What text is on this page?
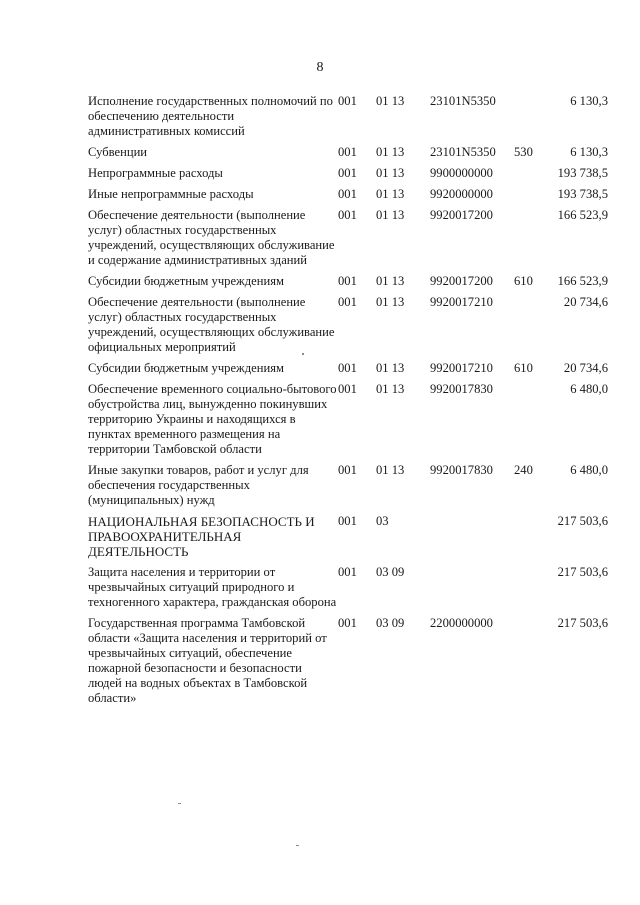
8
Исполнение государственных полномочий по обеспечению деятельности административных комиссий	001	01 13	23101N5350		6 130,3
Субвенции	001	01 13	23101N5350	530	6 130,3
Непрограммные расходы	001	01 13	9900000000		193 738,5
Иные непрограммные расходы	001	01 13	9920000000		193 738,5
Обеспечение деятельности (выполнение услуг) областных государственных учреждений, осуществляющих обслуживание и содержание административных зданий	001	01 13	9920017200		166 523,9
Субсидии бюджетным учреждениям	001	01 13	9920017200	610	166 523,9
Обеспечение деятельности (выполнение услуг) областных государственных учреждений, осуществляющих обслуживание официальных мероприятий	001	01 13	9920017210		20 734,6
Субсидии бюджетным учреждениям	001	01 13	9920017210	610	20 734,6
Обеспечение временного социально-бытового обустройства лиц, вынужденно покинувших территорию Украины и находящихся в пунктах временного размещения на территории Тамбовской области	001	01 13	9920017830		6 480,0
Иные закупки товаров, работ и услуг для обеспечения государственных (муниципальных) нужд	001	01 13	9920017830	240	6 480,0
НАЦИОНАЛЬНАЯ БЕЗОПАСНОСТЬ И ПРАВООХРАНИТЕЛЬНАЯ ДЕЯТЕЛЬНОСТЬ	001	03			217 503,6
Защита населения и территории от чрезвычайных ситуаций природного и техногенного характера, гражданская оборона	001	03 09			217 503,6
Государственная программа Тамбовской области «Защита населения и территорий от чрезвычайных ситуаций, обеспечение пожарной безопасности и безопасности людей на водных объектах в Тамбовской области»	001	03 09	2200000000		217 503,6
